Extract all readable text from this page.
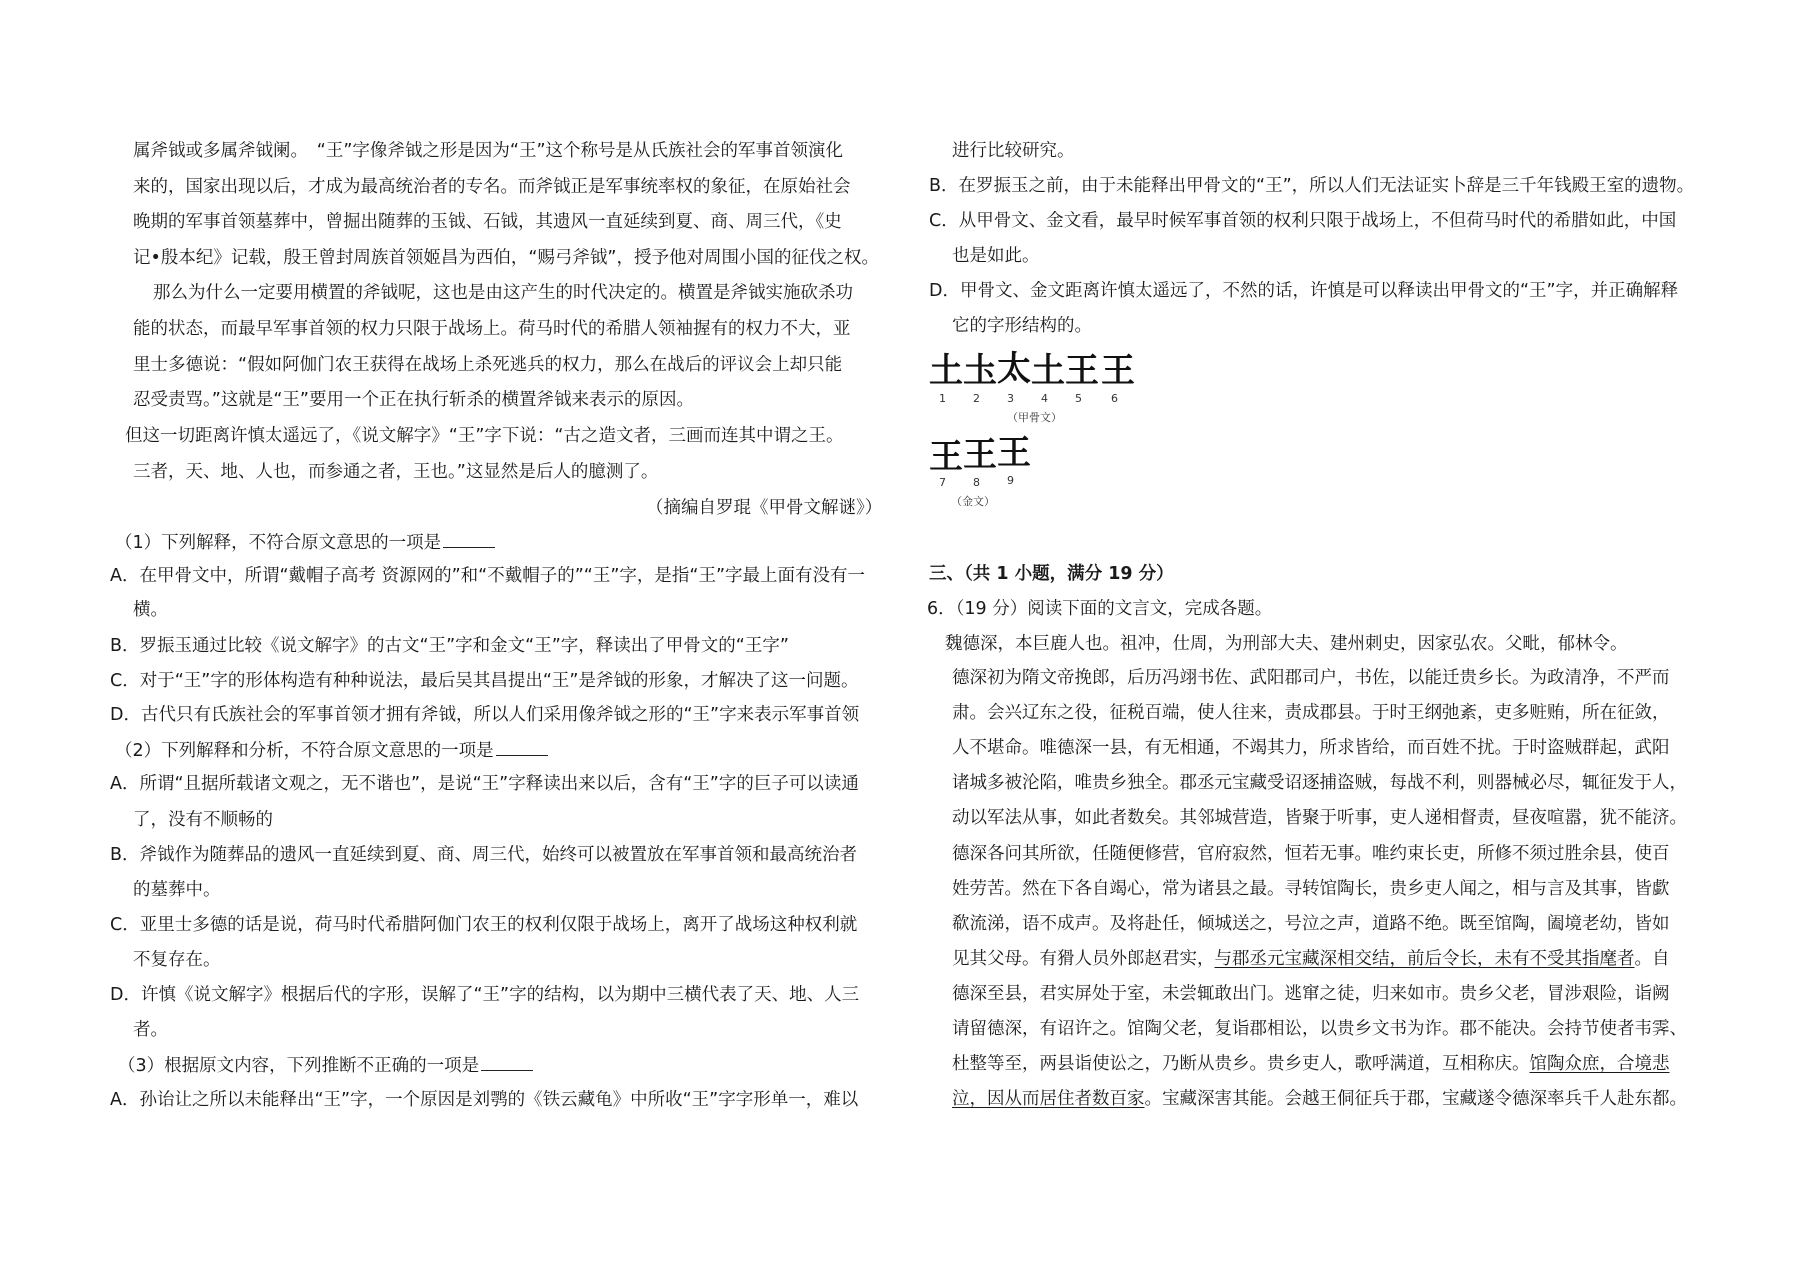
属斧钺或多属斧钺阑。　“王”字像斧钺之形是因为“王”这个称号是从氏族社会的军事首领演化
来的，国家出现以后，才成为最高统治者的专名。而斧钺正是军事统率权的象征，在原始社会
晚期的军事首领墓葬中，曾掘出随葬的玉钺、石钺，其遗风一直延续到夏、商、周三代，《史
记•殷本纪》记载，殷王曾封周族首领姬昌为西伯，“赐弓斧钺”，授予他对周围小国的征伐之权。
那么为什么一定要用横置的斧钺呢，这也是由这产生的时代决定的。横置是斧钺实施砍杀功
能的状态，而最早军事首领的权力只限于战场上。荷马时代的希腊人领袖握有的权力不大，亚
里士多德说：“假如阿伽门农王获得在战场上杀死逃兵的权力，那么在战后的评议会上却只能
忍受责骂。”这就是“王”要用一个正在执行斩杀的横置斧钺来表示的原因。
但这一切距离许慎太遥远了，《说文解字》“王”字下说：“古之造文者，三画而连其中谓之王。
三者，天、地、人也，而参通之者，王也。”这显然是后人的臆测了。
（摘编自罗琨《甲骨文解谜》）
（1）下列解释，不符合原文意思的一项是
A．在甲骨文中，所谓“戴帽子高考 资源网的”和“不戴帽子的”“王”字，是指“王”字最上面有没有一
横。
B．罗振玉通过比较《说文解字》的古文“王”字和金文“王”字，释读出了甲骨文的“王字”
C．对于“王”字的形体构造有种种说法，最后吴其昌提出“王”是斧钺的形象，才解决了这一问题。
D．古代只有氏族社会的军事首领才拥有斧钺，所以人们采用像斧钺之形的“王”字来表示军事首领
（2）下列解释和分析，不符合原文意思的一项是
A．所谓“且据所载诸文观之，无不谐也”，是说“王”字释读出来以后，含有“王”字的巨子可以读通
了，没有不顺畅的
B．斧钺作为随葬品的遗风一直延续到夏、商、周三代，始终可以被置放在军事首领和最高统治者
的墓葬中。
C．亚里士多德的话是说，荷马时代希腊阿伽门农王的权利仅限于战场上，离开了战场这种权利就
不复存在。
D．许慎《说文解字》根据后代的字形，误解了“王”字的结构，以为期中三横代表了天、地、人三
者。
（3）根据原文内容，下列推断不正确的一项是
A．孙诒让之所以未能释出“王”字，一个原因是刘鹗的《铁云藏龟》中所收“王”字字形单一，难以
进行比较研究。
B．在罗振玉之前，由于未能释出甲骨文的“王”，所以人们无法证实卜辞是三千年钱殿王室的遗物。
C．从甲骨文、金文看，最早时候军事首领的权利只限于战场上，不但荷马时代的希腊如此，中国
也是如此。
D．甲骨文、金文距离许慎太遥远了，不然的话，许慎是可以释读出甲骨文的“王”字，并正确解释
它的字形结构的。
土 圡 太 土 王 王
1 2 3 4 5	6
（甲骨文）
王 王 王
7 8 9
（金文）
三、（共 1 小题，满分 19 分）
6．（19 分）阅读下面的文言文，完成各题。
魏德深，本巨鹿人也。祖冲，仕周，为刑部大夫、建州刺史，因家弘农。父毗，郁林令。
德深初为隋文帝挽郎，后历冯翊书佐、武阳郡司户，书佐，以能迁贵乡长。为政清净，不严而
肃。会兴辽东之役，征税百端，使人往来，责成郡县。于时王纲弛紊，吏多赃贿，所在征敛，
人不堪命。唯德深一县，有无相通，不竭其力，所求皆给，而百姓不扰。于时盗贼群起，武阳
诸城多被沦陷，唯贵乡独全。郡丞元宝藏受诏逐捕盗贼，每战不利，则器械必尽，辄征发于人，
动以军法从事，如此者数矣。其邻城营造，皆聚于听事，吏人递相督责，昼夜喧嚣，犹不能济。
德深各问其所欲，任随便修营，官府寂然，恒若无事。唯约束长吏，所修不须过胜余县，使百
姓劳苦。然在下各自竭心，常为诸县之最。寻转馆陶长，贵乡吏人闻之，相与言及其事，皆歔
欷流涕，语不成声。及将赴任，倾城送之，号泣之声，道路不绝。既至馆陶，阖境老幼，皆如
见其父母。有猾人员外郎赵君实，与郡丞元宝藏深相交结，前后令长，未有不受其指麾者。自
德深至县，君实屏处于室，未尝辄敢出门。逃窜之徒，归来如市。贵乡父老，冒涉艰险，诣阙
请留德深，有诏许之。馆陶父老，复诣郡相讼，以贵乡文书为诈。郡不能决。会持节使者韦霁、
杜整等至，两县诣使讼之，乃断从贵乡。贵乡吏人，歌呼满道，互相称庆。馆陶众庶，合境悲
泣，因从而居住者数百家。宝藏深害其能。会越王侗征兵于郡，宝藏遂令德深率兵千人赴东都。
